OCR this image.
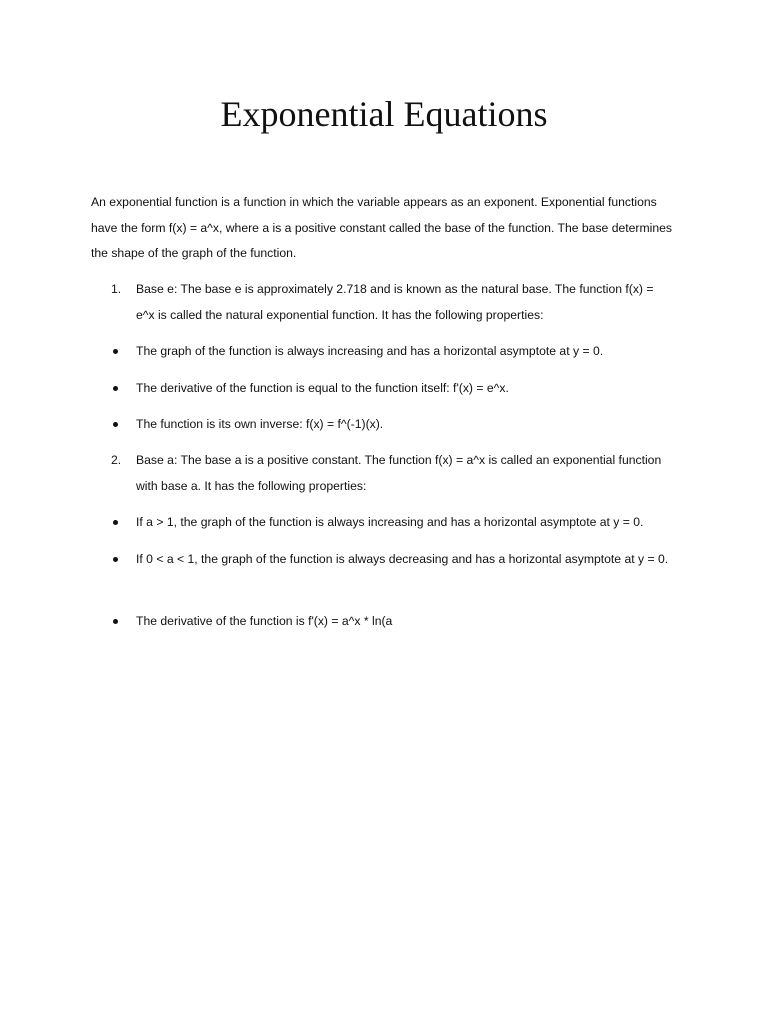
Exponential Equations

An exponential function is a function in which the variable appears as an exponent. Exponential functions have the form f(x) = a^x, where a is a positive constant called the base of the function. The base determines the shape of the graph of the function.

1.	Base e: The base e is approximately 2.718 and is known as the natural base. The function f(x) = e^x is called the natural exponential function. It has the following properties:

The graph of the function is always increasing and has a horizontal asymptote at y = 0.

The derivative of the function is equal to the function itself: f'(x) = e^x.

The function is its own inverse: f(x) = f^(-1)(x).

2.	Base a: The base a is a positive constant. The function f(x) = a^x is called an exponential function with base a. It has the following properties:

If a > 1, the graph of the function is always increasing and has a horizontal asymptote at y = 0.

If 0 < a < 1, the graph of the function is always decreasing and has a horizontal asymptote at y = 0.

The derivative of the function is f'(x) = a^x * ln(a
